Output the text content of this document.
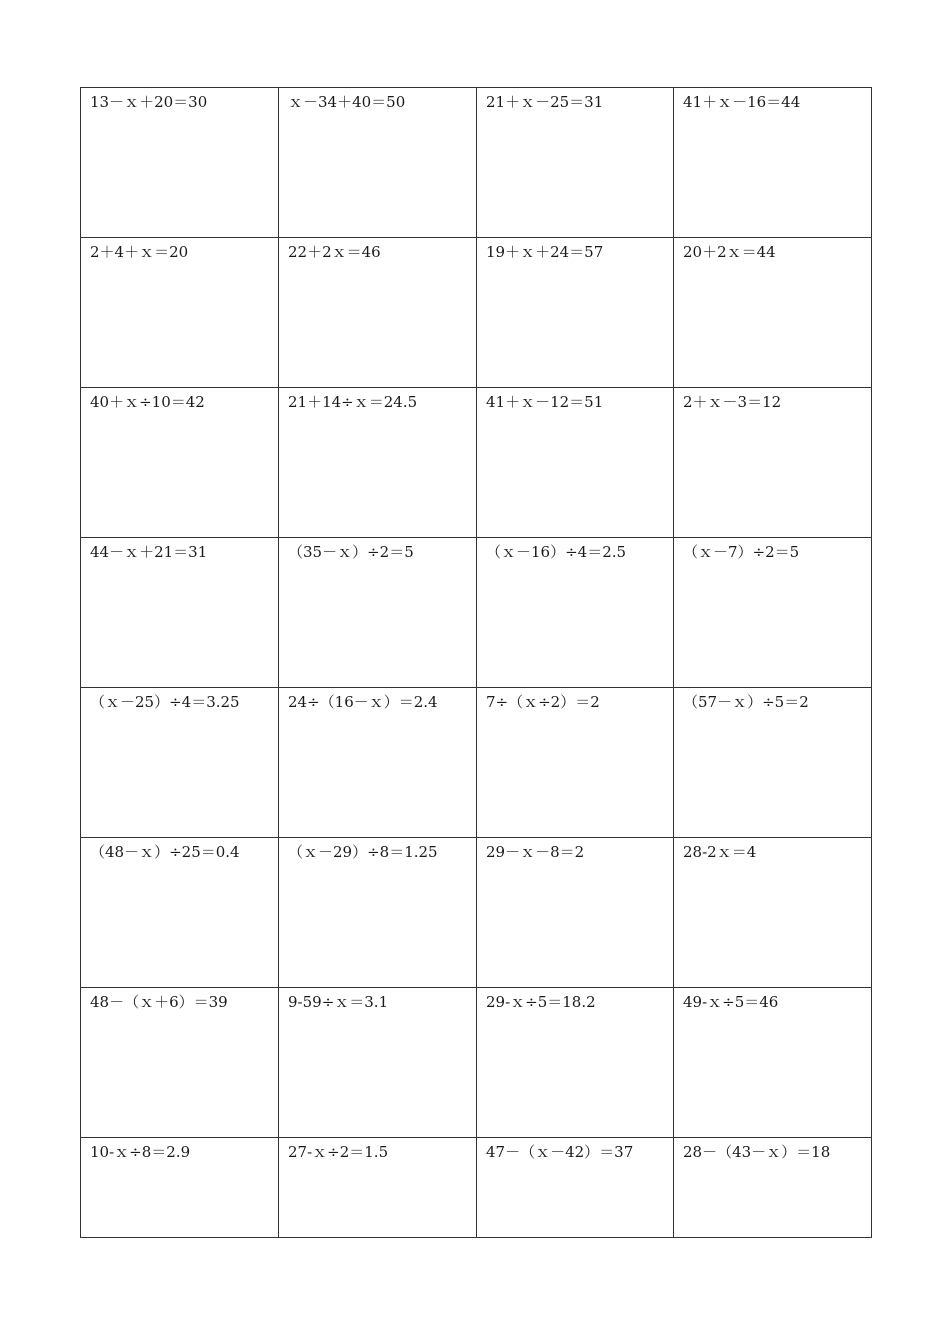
13－ｘ＋20＝30	ｘ－34＋40＝50	21＋ｘ－25＝31	41＋ｘ－16＝44
2＋4＋ｘ＝20	22＋2ｘ＝46	19＋ｘ＋24＝57	20＋2ｘ＝44
40＋ｘ÷10＝42	21＋14÷ｘ＝24.5	41＋ｘ－12＝51	2＋ｘ－3＝12
44－ｘ＋21＝31	（35－ｘ）÷2＝5	（ｘ－16）÷4＝2.5	（ｘ－7）÷2＝5
（ｘ－25）÷4＝3.25	24÷（16－ｘ）＝2.4	7÷（ｘ÷2）＝2	（57－ｘ）÷5＝2
（48－ｘ）÷25＝0.4	（ｘ－29）÷8＝1.25	29－ｘ－8＝2	28-2ｘ＝4
48－（ｘ＋6）＝39	9-59÷ｘ＝3.1	29-ｘ÷5＝18.2	49-ｘ÷5＝46
10-ｘ÷8＝2.9	27-ｘ÷2＝1.5	47－（ｘ－42）＝37	28－（43－ｘ）＝18
